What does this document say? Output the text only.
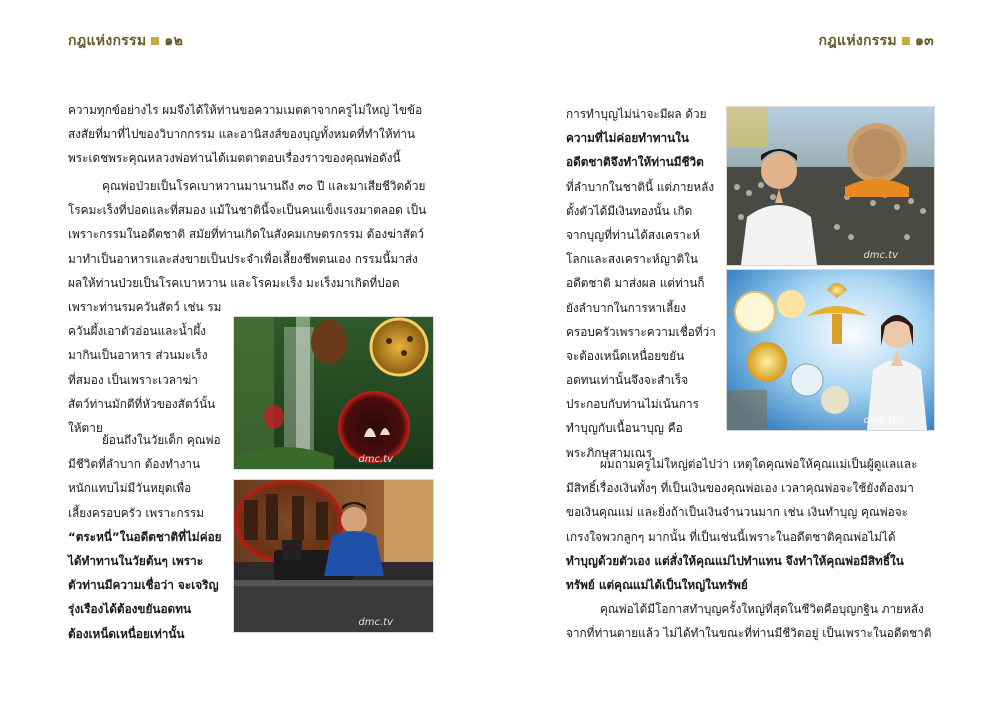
กฎแห่งกรรม ๑๒
ความทุกข์อย่างไร ผมจึงได้ให้ท่านขอความเมตตาจากครูไม่ใหญ่ ไขข้อ
สงสัยที่มาที่ไปของวิบากกรรม และอานิสงส์ของบุญทั้งหมดที่ทำให้ท่าน
พระเดชพระคุณหลวงพ่อท่านได้เมตตาตอบเรื่องราวของคุณพ่อดังนี้
คุณพ่อป่วยเป็นโรคเบาหวานมานานถึง ๓๐ ปี และมาเสียชีวิตด้วย
โรคมะเร็งที่ปอดและที่สมอง แม้ในชาตินี้จะเป็นคนแข็งแรงมาตลอด เป็น
เพราะกรรมในอดีตชาติ สมัยที่ท่านเกิดในสังคมเกษตรกรรม ต้องฆ่าสัตว์
มาทำเป็นอาหารและส่งขายเป็นประจำเพื่อเลี้ยงชีพตนเอง กรรมนี้มาส่ง
ผลให้ท่านป่วยเป็นโรคเบาหวาน และโรคมะเร็ง มะเร็งมาเกิดที่ปอด
เพราะท่านรมควันสัตว์ เช่น รม
ควันผึ้งเอาตัวอ่อนและน้ำผึ้ง
มากินเป็นอาหาร ส่วนมะเร็ง
ที่สมอง เป็นเพราะเวลาฆ่า
สัตว์ท่านมักตีที่หัวของสัตว์นั้น
ให้ตาย
ย้อนถึงในวัยเด็ก คุณพ่อ
มีชีวิตที่ลำบาก ต้องทำงาน
หนักแทบไม่มีวันหยุดเพื่อ
เลี้ยงครอบครัว เพราะกรรม
“ตระหนี่”ในอดีตชาติที่ไม่ค่อย
ได้ทำทานในวัยต้นๆ เพราะ
ตัวท่านมีความเชื่อว่า จะเจริญ
รุ่งเรืองได้ต้องขยันอดทน
ต้องเหน็ดเหนื่อยเท่านั้น
dmc.tv
dmc.tv
กฎแห่งกรรม ๑๓
การทำบุญไม่น่าจะมีผล ด้วย
ความที่ไม่ค่อยทำทานใน
อดีตชาติจึงทำให้ท่านมีชีวิต
ที่ลำบากในชาตินี้ แต่ภายหลัง
ตั้งตัวได้มีเงินทองนั้น เกิด
จากบุญที่ท่านได้สงเคราะห์
โลกและสงเคราะห์ญาติใน
อดีตชาติ มาส่งผล แต่ท่านก็
ยังลำบากในการหาเลี้ยง
ครอบครัวเพราะความเชื่อที่ว่า
จะต้องเหน็ดเหนื่อยขยัน
อดทนเท่านั้นจึงจะสำเร็จ
ประกอบกับท่านไม่เน้นการ
ทำบุญกับเนื้อนาบุญ คือ
พระภิกษุสามเณร
ผมถามครูไม่ใหญ่ต่อไปว่า เหตุใดคุณพ่อให้คุณแม่เป็นผู้ดูแลและ
มีสิทธิ์เรื่องเงินทั้งๆ ที่เป็นเงินของคุณพ่อเอง เวลาคุณพ่อจะใช้ยังต้องมา
ขอเงินคุณแม่ และยิ่งถ้าเป็นเงินจำนวนมาก เช่น เงินทำบุญ คุณพ่อจะ
เกรงใจพวกลูกๆ มากนั้น ที่เป็นเช่นนี้เพราะในอดีตชาติคุณพ่อไม่ได้
ทำบุญด้วยตัวเอง แต่สั่งให้คุณแม่ไปทำแทน จึงทำให้คุณพ่อมีสิทธิ์ใน
ทรัพย์ แต่คุณแม่ได้เป็นใหญ่ในทรัพย์
คุณพ่อได้มีโอกาสทำบุญครั้งใหญ่ที่สุดในชีวิตคือบุญกฐิน ภายหลัง
จากที่ท่านตายแล้ว ไม่ได้ทำในขณะที่ท่านมีชีวิตอยู่ เป็นเพราะในอดีตชาติ
dmc.tv
dmc.tv
